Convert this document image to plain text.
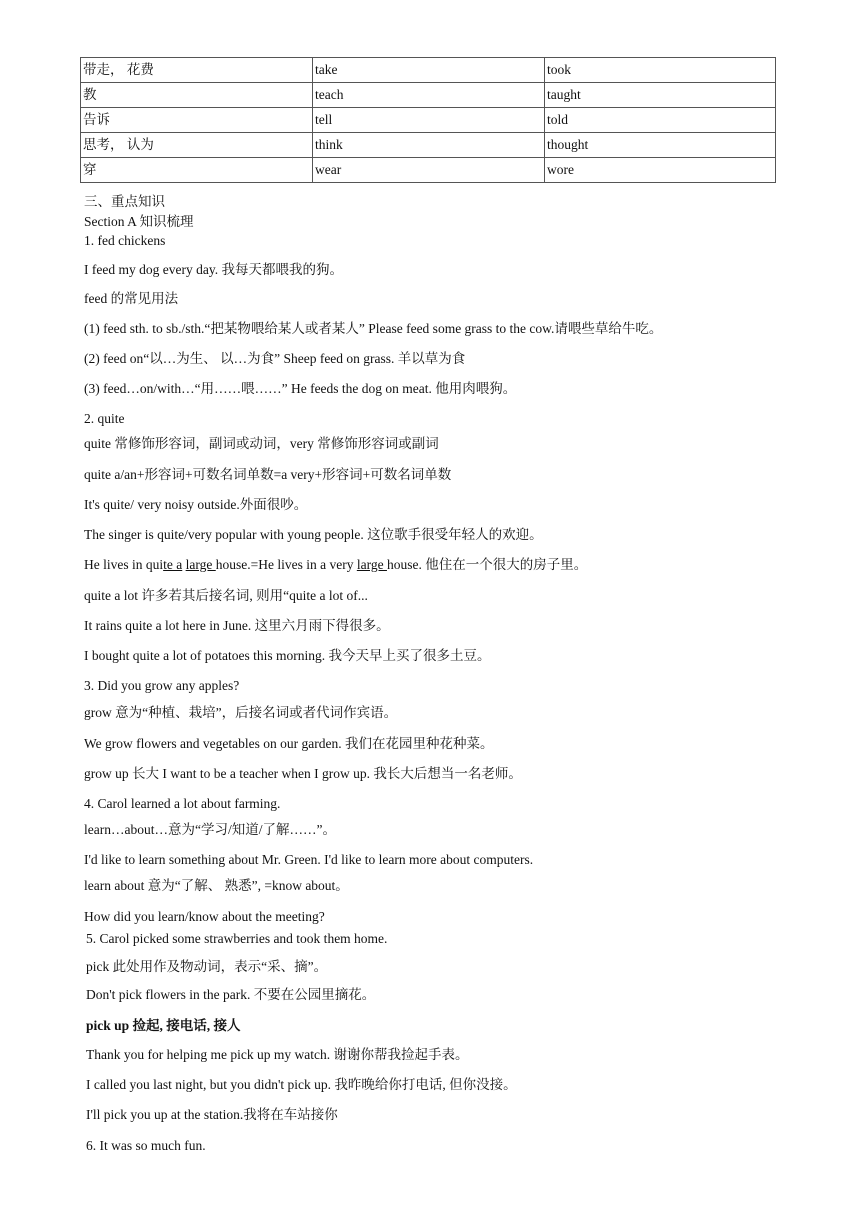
带走， 花费	take	took
教	teach	taught
告诉	tell	told
思考， 认为	think	thought
穿	wear	wore
三、重点知识
Section A 知识梳理
1. fed chickens
I feed my dog every day. 我每天都喂我的狗。
feed 的常见用法
(1) feed sth. to sb./sth.“把某物喂给某人或者某人” Please feed some grass to the cow.请喂些草给牛吃。
(2) feed on“以…为生、 以…为食” Sheep feed on grass. 羊以草为食
(3) feed…on/with…“用……喂……” He feeds the dog on meat. 他用肉喂狗。
2. quite
quite 常修饰形容词，副词或动词，very 常修饰形容词或副词
quite a/an+形容词+可数名词单数=a very+形容词+可数名词单数
It's quite/ very noisy outside.外面很吵。
The singer is quite/very popular with young people. 这位歌手很受年轻人的欢迎。
He lives in quite a large house.=He lives in a very large house. 他住在一个很大的房子里。
quite a lot 许多若其后接名词, 则用“quite a lot of...
It rains quite a lot here in June. 这里六月雨下得很多。
I bought quite a lot of potatoes this morning. 我今天早上买了很多土豆。
3. Did you grow any apples?
grow 意为“种植、栽培”，后接名词或者代词作宾语。
We grow flowers and vegetables on our garden. 我们在花园里种花种菜。
grow up 长大 I want to be a teacher when I grow up. 我长大后想当一名老师。
4. Carol learned a lot about farming.
learn…about…意为“学习/知道/了解……”。
I'd like to learn something about Mr. Green. I'd like to learn more about computers.
learn about 意为“了解、 熟悉”, =know about。
How did you learn/know about the meeting?
5. Carol picked some strawberries and took them home.
pick 此处用作及物动词，表示“采、摘”。
Don't pick flowers in the park. 不要在公园里摘花。
pick up 捡起, 接电话, 接人
Thank you for helping me pick up my watch. 谢谢你帮我捡起手表。
I called you last night, but you didn't pick up. 我昨晚给你打电话, 但你没接。
I'll pick you up at the station.我将在车站接你
6. It was so much fun.
